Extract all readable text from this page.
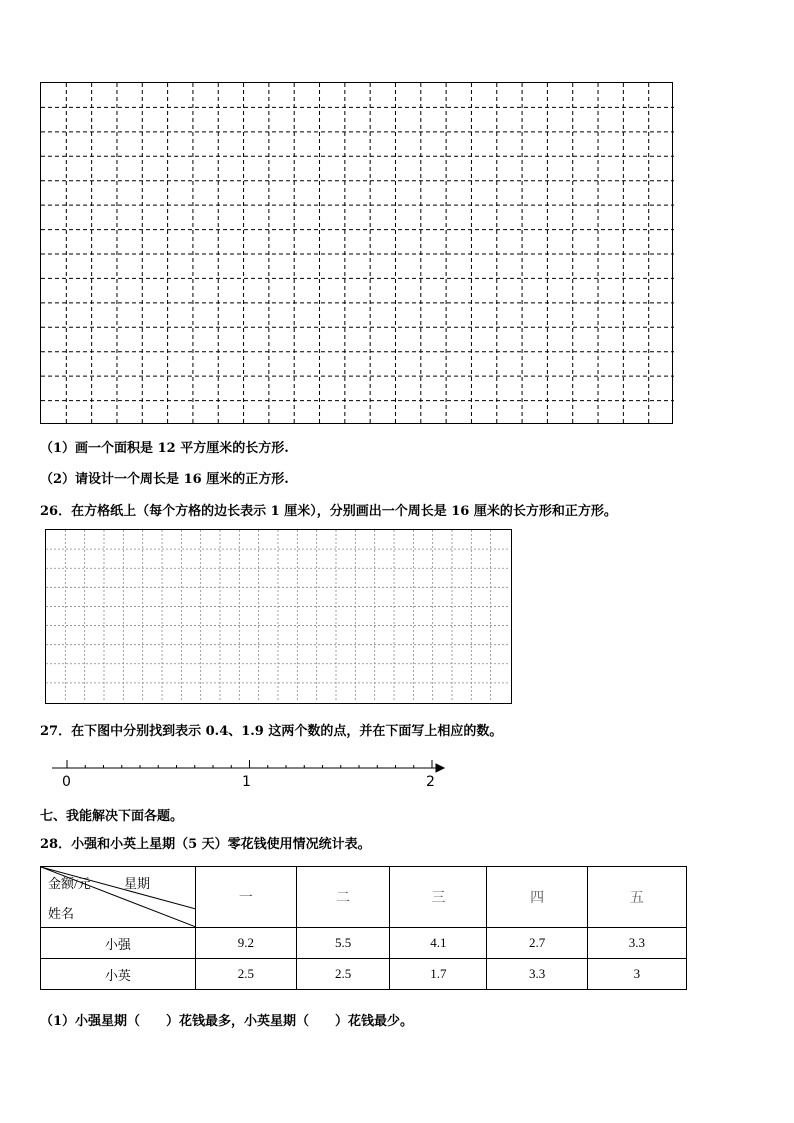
（1）画一个面积是 12 平方厘米的长方形.
（2）请设计一个周长是 16 厘米的正方形.
26．在方格纸上（每个方格的边长表示 1 厘米），分别画出一个周长是 16 厘米的长方形和正方形。
27．在下图中分别找到表示 0.4、1.9 这两个数的点，并在下面写上相应的数。
0	1	2
七、我能解决下面各题。
28．小强和小英上星期（5 天）零花钱使用情况统计表。
金额/元 星期
姓名	一	二	三	四	五
小强	9.2	5.5	4.1	2.7	3.3
小英	2.5	2.5	1.7	3.3	3
（1）小强星期（　　）花钱最多，小英星期（　　）花钱最少。
